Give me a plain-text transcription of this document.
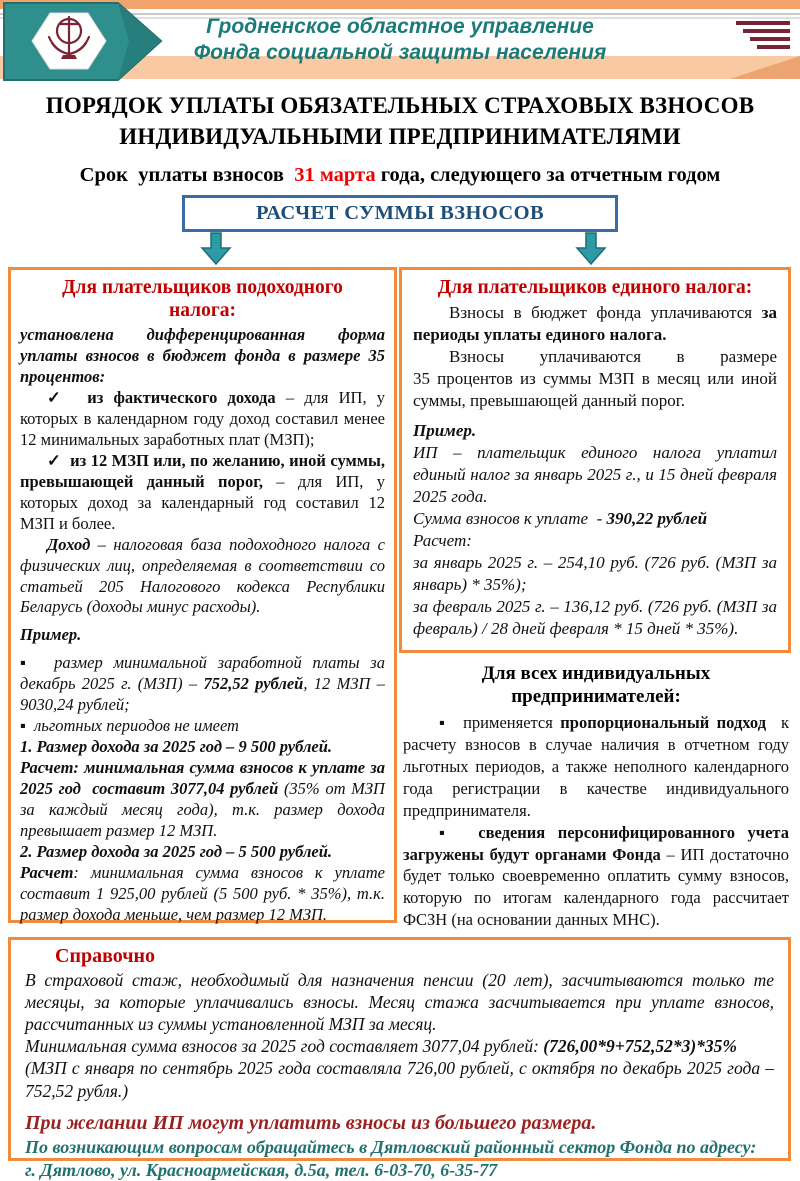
Гродненское областное управление
Фонда социальной защиты населения
ПОРЯДОК УПЛАТЫ ОБЯЗАТЕЛЬНЫХ СТРАХОВЫХ ВЗНОСОВ
ИНДИВИДУАЛЬНЫМИ ПРЕДПРИНИМАТЕЛЯМИ

Срок  уплаты взносов  31 марта года, следующего за отчетным годом

РАСЧЕТ СУММЫ ВЗНОСОВ
Для плательщиков подоходного налога:

установлена дифференцированная форма уплаты взносов в бюджет фонда в размере 35 процентов:

✓  из фактического дохода – для ИП, у которых в календарном году доход составил менее 12 минимальных заработных плат (МЗП);

✓  из 12 МЗП или, по желанию, иной суммы, превышающей данный порог, – для ИП, у которых доход за календарный год составил 12 МЗП и более.

Доход – налоговая база подоходного налога с физических лиц, определяемая в соответствии со статьей 205 Налогового кодекса Республики Беларусь (доходы минус расходы).

Пример.

▪  размер минимальной заработной платы за декабрь 2025 г. (МЗП) – 752,52 рублей, 12 МЗП – 9030,24 рублей;

▪  льготных периодов не имеет

1. Размер дохода за 2025 год – 9 500 рублей.

Расчет: минимальная сумма взносов к уплате за 2025 год  составит 3077,04 рублей (35% от МЗП за каждый месяц года), т.к. размер дохода превышает размер 12 МЗП.

2. Размер дохода за 2025 год – 5 500 рублей.

Расчет: минимальная сумма взносов к уплате составит 1 925,00 рублей (5 500 руб. * 35%), т.к. размер дохода меньше, чем размер 12 МЗП.

Для плательщиков единого налога:

Взносы в бюджет фонда уплачиваются за периоды уплаты единого налога.

Взносы уплачиваются в размере 35 процентов из суммы МЗП в месяц или иной суммы, превышающей данный порог.

Пример.

ИП – плательщик единого налога уплатил единый налог за январь 2025 г., и 15 дней февраля 2025 года.

Сумма взносов к уплате  - 390,22 рублей

Расчет:

за январь 2025 г. – 254,10 руб. (726 руб. (МЗП за январь) * 35%);

за февраль 2025 г. – 136,12 руб. (726 руб. (МЗП за февраль) / 28 дней февраля * 15 дней * 35%).

Для всех индивидуальных предпринимателей:

▪  применяется пропорциональный подход  к расчету взносов в случае наличия в отчетном году льготных периодов, а также неполного календарного года регистрации в качестве индивидуального предпринимателя.

▪  сведения персонифицированного учета загружены будут органами Фонда – ИП достаточно будет только своевременно оплатить сумму взносов, которую по итогам календарного года рассчитает ФСЗН (на основании данных МНС).

Справочно

В страховой стаж, необходимый для назначения пенсии (20 лет), засчитываются только те месяцы, за которые уплачивались взносы. Месяц стажа засчитывается при уплате взносов, рассчитанных из суммы установленной МЗП за месяц.

Минимальная сумма взносов за 2025 год составляет 3077,04 рублей: (726,00*9+752,52*3)*35%

(МЗП с января по сентябрь 2025 года составляла 726,00 рублей, с октября по декабрь 2025 года – 752,52 рубля.)

При желании ИП могут уплатить взносы из большего размера.

По возникающим вопросам обращайтесь в Дятловский районный сектор Фонда по адресу:

г. Дятлово, ул. Красноармейская, д.5а, тел. 6-03-70, 6-35-77
